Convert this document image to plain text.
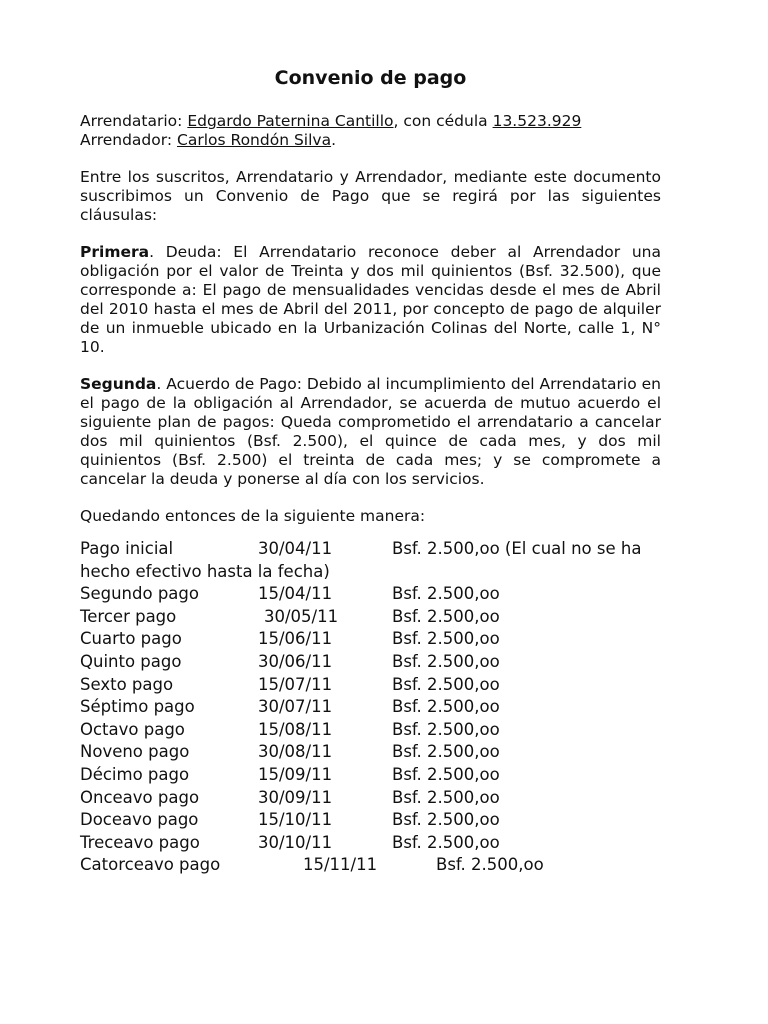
Convenio de pago
Arrendatario: Edgardo Paternina Cantillo, con cédula 13.523.929
Arrendador: Carlos Rondón Silva.
Entre los suscritos, Arrendatario y Arrendador, mediante este documento suscribimos un Convenio de Pago que se regirá por las siguientes cláusulas:
Primera. Deuda: El Arrendatario reconoce deber al Arrendador una obligación por el valor de Treinta y dos mil quinientos (Bsf. 32.500), que corresponde a: El pago de mensualidades vencidas desde el mes de Abril del 2010 hasta el mes de Abril del 2011, por concepto de pago de alquiler de un inmueble ubicado en la Urbanización Colinas del Norte, calle 1, N° 10.
Segunda. Acuerdo de Pago: Debido al incumplimiento del Arrendatario en el pago de la obligación al Arrendador, se acuerda de mutuo acuerdo el siguiente plan de pagos: Queda comprometido el arrendatario a cancelar dos mil quinientos (Bsf. 2.500), el quince de cada mes, y dos mil quinientos (Bsf. 2.500) el treinta de cada mes; y se compromete a cancelar la deuda y ponerse al día con los servicios.
Quedando entonces de la siguiente manera:
Pago inicial	30/04/11	Bsf. 2.500,oo (El cual no se ha
hecho efectivo hasta la fecha)
Segundo pago	15/04/11	Bsf. 2.500,oo
Tercer pago	30/05/11	Bsf. 2.500,oo
Cuarto pago	15/06/11	Bsf. 2.500,oo
Quinto pago	30/06/11	Bsf. 2.500,oo
Sexto pago	15/07/11	Bsf. 2.500,oo
Séptimo pago	30/07/11	Bsf. 2.500,oo
Octavo pago	15/08/11	Bsf. 2.500,oo
Noveno pago	30/08/11	Bsf. 2.500,oo
Décimo pago	15/09/11	Bsf. 2.500,oo
Onceavo pago	30/09/11	Bsf. 2.500,oo
Doceavo pago	15/10/11	Bsf. 2.500,oo
Treceavo pago	30/10/11	Bsf. 2.500,oo
Catorceavo pago	15/11/11	Bsf. 2.500,oo
